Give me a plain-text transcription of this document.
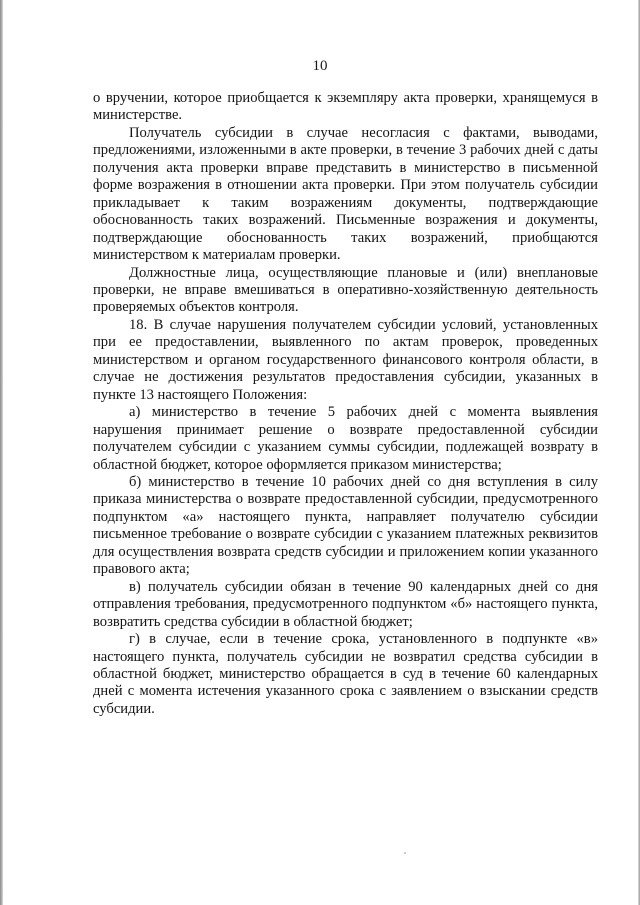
10

о вручении, которое приобщается к экземпляру акта проверки, хранящемуся в министерстве.

Получатель субсидии в случае несогласия с фактами, выводами, предложениями, изложенными в акте проверки, в течение 3 рабочих дней с даты получения акта проверки вправе представить в министерство в письменной форме возражения в отношении акта проверки. При этом получатель субсидии прикладывает к таким возражениям документы, подтверждающие обоснованность таких возражений. Письменные возражения и документы, подтверждающие обоснованность таких возражений, приобщаются министерством к материалам проверки.

Должностные лица, осуществляющие плановые и (или) внеплановые проверки, не вправе вмешиваться в оперативно-хозяйственную деятельность проверяемых объектов контроля.

18. В случае нарушения получателем субсидии условий, установленных при ее предоставлении, выявленного по актам проверок, проведенных министерством и органом государственного финансового контроля области, в случае не достижения результатов предоставления субсидии, указанных в пункте 13 настоящего Положения:

а) министерство в течение 5 рабочих дней с момента выявления нарушения принимает решение о возврате предоставленной субсидии получателем субсидии с указанием суммы субсидии, подлежащей возврату в областной бюджет, которое оформляется приказом министерства;

б) министерство в течение 10 рабочих дней со дня вступления в силу приказа министерства о возврате предоставленной субсидии, предусмотренного подпунктом «а» настоящего пункта, направляет получателю субсидии письменное требование о возврате субсидии с указанием платежных реквизитов для осуществления возврата средств субсидии и приложением копии указанного правового акта;

в) получатель субсидии обязан в течение 90 календарных дней со дня отправления требования, предусмотренного подпунктом «б» настоящего пункта, возвратить средства субсидии в областной бюджет;

г) в случае, если в течение срока, установленного в подпункте «в» настоящего пункта, получатель субсидии не возвратил средства субсидии в областной бюджет, министерство обращается в суд в течение 60 календарных дней с момента истечения указанного срока с заявлением о взыскании средств субсидии.
